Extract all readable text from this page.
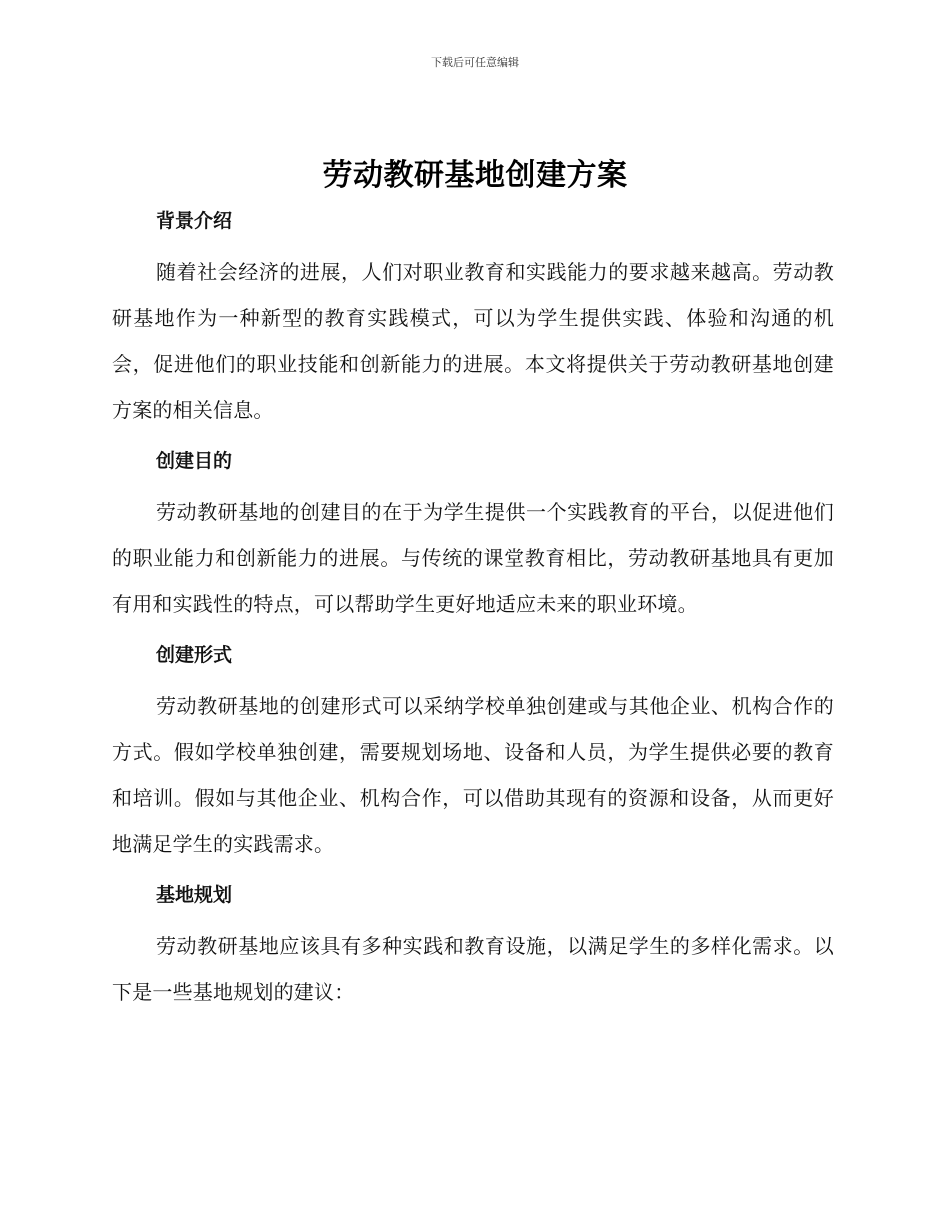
下载后可任意编辑
劳动教研基地创建方案
背景介绍

随着社会经济的进展，人们对职业教育和实践能力的要求越来越高。劳动教研基地作为一种新型的教育实践模式，可以为学生提供实践、体验和沟通的机会，促进他们的职业技能和创新能力的进展。本文将提供关于劳动教研基地创建方案的相关信息。

创建目的

劳动教研基地的创建目的在于为学生提供一个实践教育的平台，以促进他们的职业能力和创新能力的进展。与传统的课堂教育相比，劳动教研基地具有更加有用和实践性的特点，可以帮助学生更好地适应未来的职业环境。

创建形式

劳动教研基地的创建形式可以采纳学校单独创建或与其他企业、机构合作的方式。假如学校单独创建，需要规划场地、设备和人员，为学生提供必要的教育和培训。假如与其他企业、机构合作，可以借助其现有的资源和设备，从而更好地满足学生的实践需求。

基地规划

劳动教研基地应该具有多种实践和教育设施，以满足学生的多样化需求。以下是一些基地规划的建议：
